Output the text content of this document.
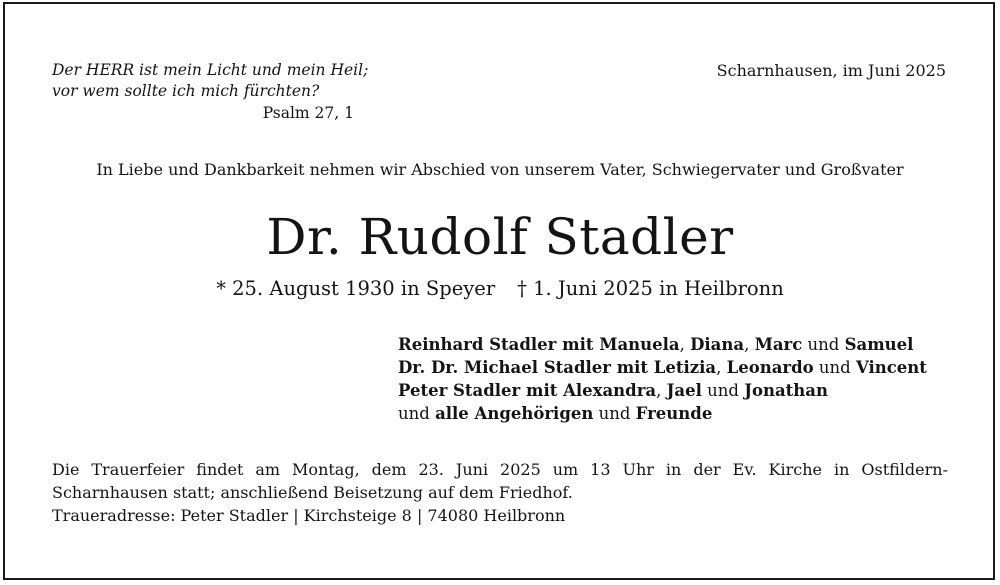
Der HERR ist mein Licht und mein Heil;
vor wem sollte ich mich fürchten?
Psalm 27, 1
Scharnhausen, im Juni 2025
In Liebe und Dankbarkeit nehmen wir Abschied von unserem Vater, Schwiegervater und Großvater
Dr. Rudolf Stadler
* 25. August 1930 in Speyer † 1. Juni 2025 in Heilbronn
Reinhard Stadler mit Manuela, Diana, Marc und Samuel
Dr. Dr. Michael Stadler mit Letizia, Leonardo und Vincent
Peter Stadler mit Alexandra, Jael und Jonathan
und alle Angehörigen und Freunde
Die Trauerfeier findet am Montag, dem 23. Juni 2025 um 13 Uhr in der Ev. Kirche in Ostfildern-
Scharnhausen statt; anschließend Beisetzung auf dem Friedhof.
Traueradresse: Peter Stadler | Kirchsteige 8 | 74080 Heilbronn
